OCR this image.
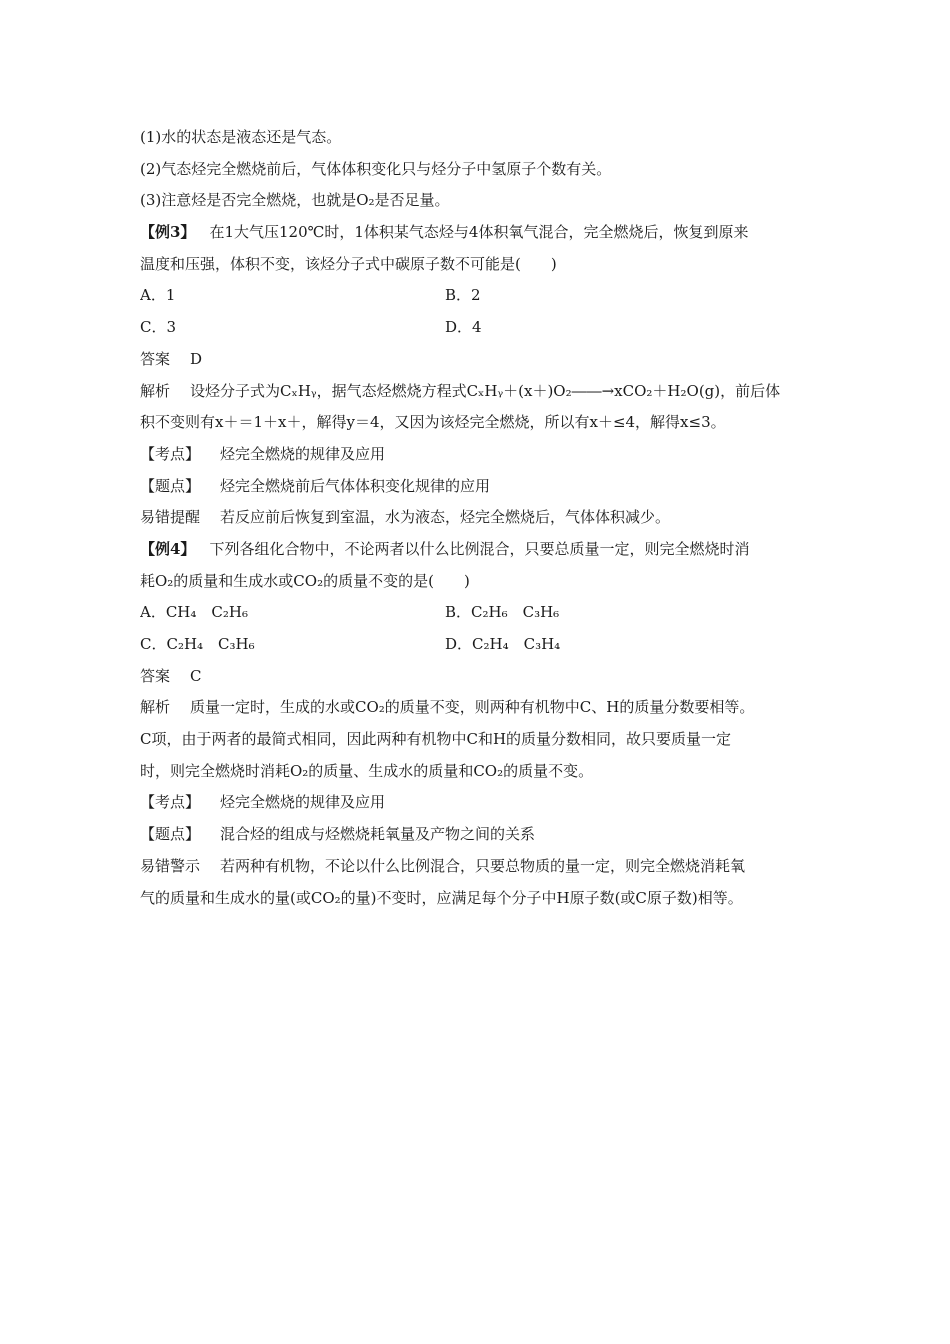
(1)水的状态是液态还是气态。
(2)气态烃完全燃烧前后，气体体积变化只与烃分子中氢原子个数有关。
(3)注意烃是否完全燃烧，也就是O₂是否足量。
【例3】 在1大气压120℃时，1体积某气态烃与4体积氧气混合，完全燃烧后，恢复到原来
温度和压强，体积不变，该烃分子式中碳原子数不可能是(　　)
A．1	B．2
C．3	D．4
答案 D
解析 设烃分子式为CₓHᵧ，据气态烃燃烧方程式CₓHᵧ＋(x＋)O₂――→xCO₂＋H₂O(g)，前后体
积不变则有x＋＝1＋x＋，解得y＝4，又因为该烃完全燃烧，所以有x＋≤4，解得x≤3。
【考点】 烃完全燃烧的规律及应用
【题点】 烃完全燃烧前后气体体积变化规律的应用
易错提醒 若反应前后恢复到室温，水为液态，烃完全燃烧后，气体体积减少。
【例4】 下列各组化合物中，不论两者以什么比例混合，只要总质量一定，则完全燃烧时消
耗O₂的质量和生成水或CO₂的质量不变的是(　　)
A．CH₄　C₂H₆	B．C₂H₆　C₃H₆
C．C₂H₄　C₃H₆	D．C₂H₄　C₃H₄
答案 C
解析 质量一定时，生成的水或CO₂的质量不变，则两种有机物中C、H的质量分数要相等。
C项，由于两者的最简式相同，因此两种有机物中C和H的质量分数相同，故只要质量一定
时，则完全燃烧时消耗O₂的质量、生成水的质量和CO₂的质量不变。
【考点】 烃完全燃烧的规律及应用
【题点】 混合烃的组成与烃燃烧耗氧量及产物之间的关系
易错警示 若两种有机物，不论以什么比例混合，只要总物质的量一定，则完全燃烧消耗氧
气的质量和生成水的量(或CO₂的量)不变时，应满足每个分子中H原子数(或C原子数)相等。
